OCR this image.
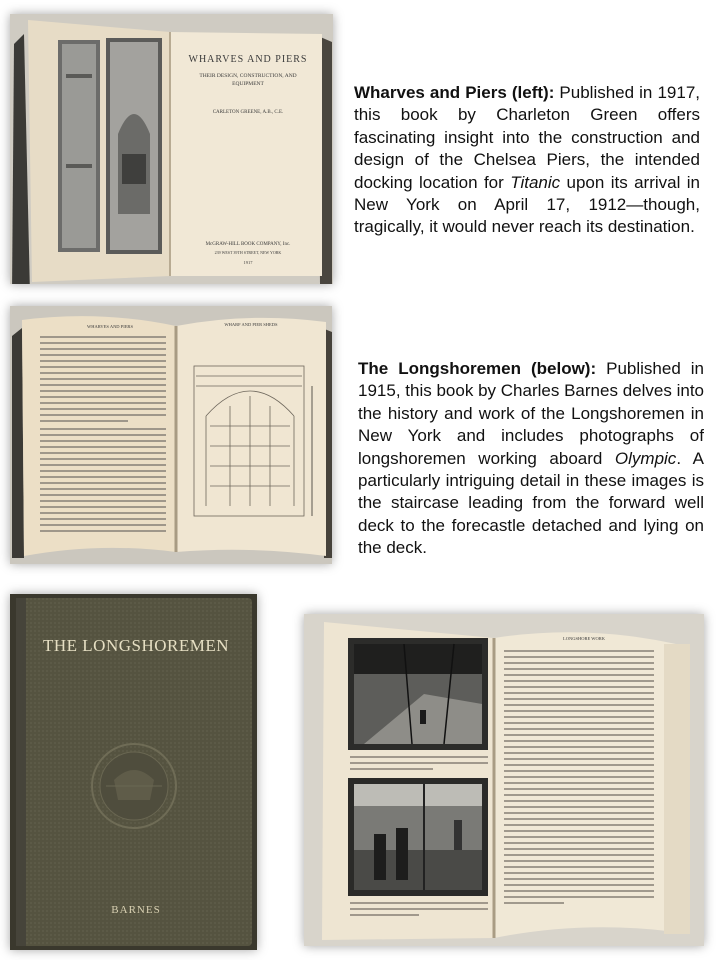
WHARVES AND PIERS
THEIR DESIGN, CONSTRUCTION, AND EQUIPMENT
CARLETON GREENE, A.B., C.E.
McGRAW-HILL BOOK COMPANY, Inc.
239 WEST 39TH STREET, NEW YORK
1917
Wharves and Piers (left): Published in 1917, this book by Charleton Green offers fascinating insight into the construction and design of the Chelsea Piers, the intended docking location for Titanic upon its arrival in New York on April 17, 1912—though, tragically, it would never reach its destination.
WHARVES AND PIERS	WHARF AND PIER SHEDS
The Longshoremen (below): Published in 1915, this book by Charles Barnes delves into the history and work of the Longshoremen in New York and includes photographs of longshoremen working aboard Olympic. A particularly intriguing detail in these images is the staircase leading from the forward well deck to the forecastle detached and lying on the deck.
THE LONGSHOREMEN
BARNES
LONGSHORE WORK
